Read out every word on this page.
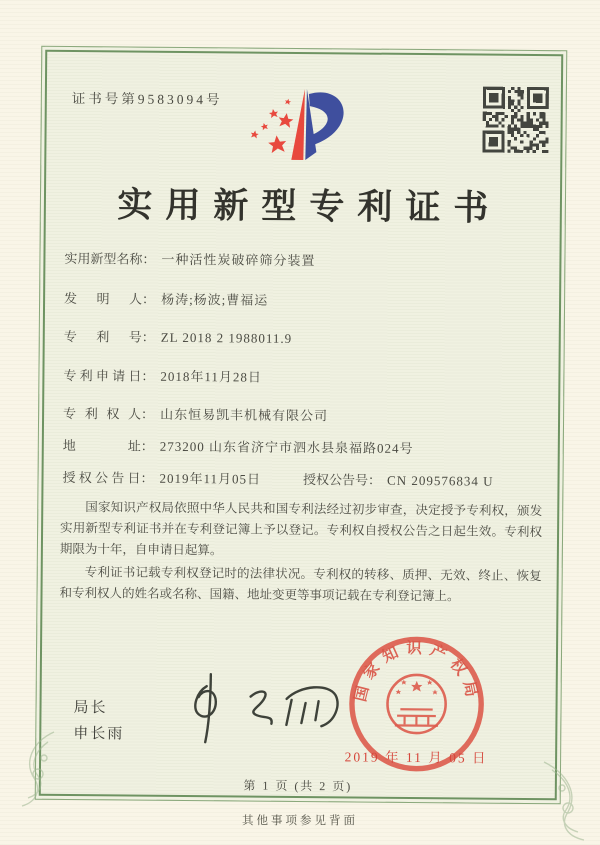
证书号第9583094号
实用新型专利证书
实用新型名称 ： 一种活性炭破碎筛分装置
发明人 ： 杨涛;杨波;曹福运
专利号 ： ZL 2018 2 1988011.9
专利申请日 ： 2018年11月28日
专利权人 ： 山东恒易凯丰机械有限公司
地址 ： 273200 山东省济宁市泗水县泉福路024号
授权公告日 ： 2019年11月05日	授权公告号 ： CN 209576834 U

国家知识产权局依照中华人民共和国专利法经过初步审查，决定授予专利权，颁发实用新型专利证书并在专利登记簿上予以登记。专利权自授权公告之日起生效。专利权期限为十年，自申请日起算。

专利证书记载专利权登记时的法律状况。专利权的转移、质押、无效、终止、恢复和专利权人的姓名或名称、国籍、地址变更等事项记载在专利登记簿上。

局长
申长雨
国家知识产权局
2019 年 11 月 05 日
第 1 页 (共 2 页)
其他事项参见背面
